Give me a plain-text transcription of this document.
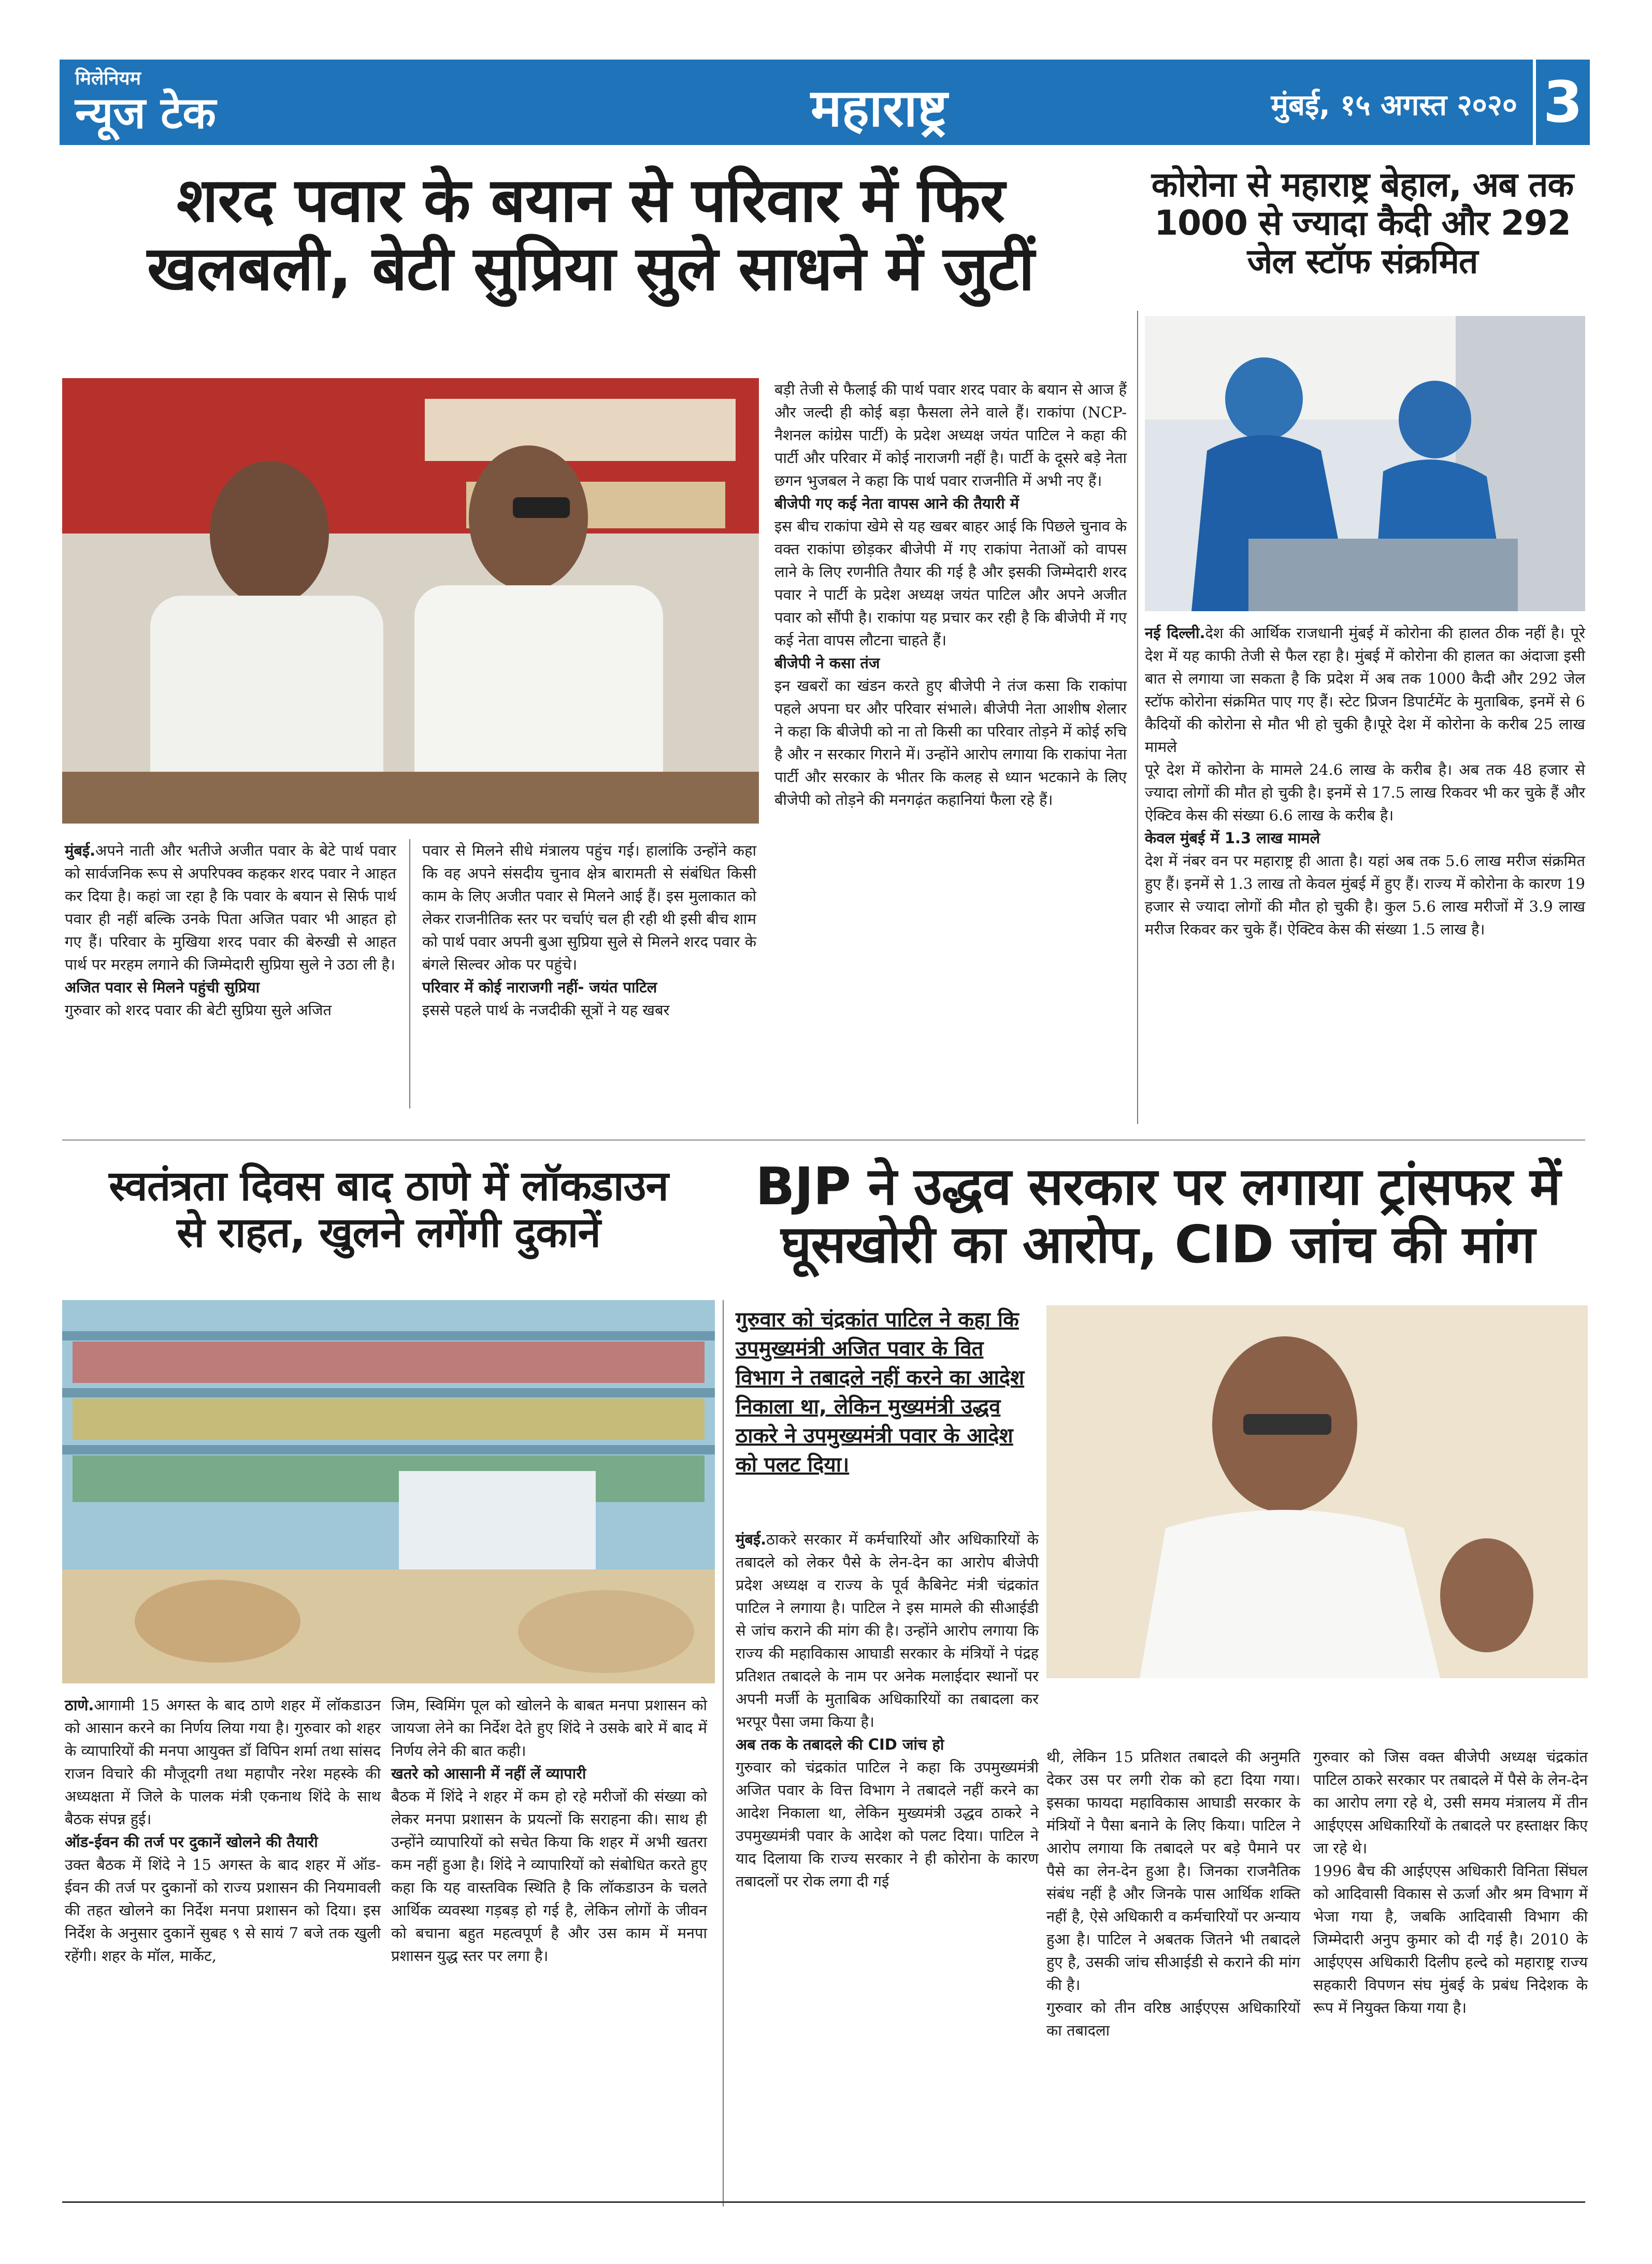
मिलेनियम
न्यूज टेक	महाराष्ट्र	मुंबई, १५ अगस्त २०२० 3
शरद पवार के बयान से परिवार में फिर
खलबली, बेटी सुप्रिया सुले साधने में जुटीं
कोरोना से महाराष्ट्र बेहाल, अब तक
1000 से ज्यादा कैदी और 292
जेल स्टॉफ संक्रमित

मुंबई.अपने नाती और भतीजे अजीत पवार के बेटे पार्थ पवार को सार्वजनिक रूप से अपरिपक्व कहकर शरद पवार ने आहत कर दिया है। कहां जा रहा है कि पवार के बयान से सिर्फ पार्थ पवार ही नहीं बल्कि उनके पिता अजित पवार भी आहत हो गए हैं। परिवार के मुखिया शरद पवार की बेरुखी से आहत पार्थ पर मरहम लगाने की जिम्मेदारी सुप्रिया सुले ने उठा ली है।

अजित पवार से मिलने पहुंची सुप्रिया

गुरुवार को शरद पवार की बेटी सुप्रिया सुले अजित

पवार से मिलने सीधे मंत्रालय पहुंच गई। हालांकि उन्होंने कहा कि वह अपने संसदीय चुनाव क्षेत्र बारामती से संबंधित किसी काम के लिए अजीत पवार से मिलने आई हैं। इस मुलाकात को लेकर राजनीतिक स्तर पर चर्चाएं चल ही रही थी इसी बीच शाम को पार्थ पवार अपनी बुआ सुप्रिया सुले से मिलने शरद पवार के बंगले सिल्वर ओक पर पहुंचे।

परिवार में कोई नाराजगी नहीं- जयंत पाटिल

इससे पहले पार्थ के नजदीकी सूत्रों ने यह खबर

बड़ी तेजी से फैलाई की पार्थ पवार शरद पवार के बयान से आज हैं और जल्दी ही कोई बड़ा फैसला लेने वाले हैं। राकांपा (NCP-नैशनल कांग्रेस पार्टी) के प्रदेश अध्यक्ष जयंत पाटिल ने कहा की पार्टी और परिवार में कोई नाराजगी नहीं है। पार्टी के दूसरे बड़े नेता छगन भुजबल ने कहा कि पार्थ पवार राजनीति में अभी नए हैं।

बीजेपी गए कई नेता वापस आने की तैयारी में

इस बीच राकांपा खेमे से यह खबर बाहर आई कि पिछले चुनाव के वक्त राकांपा छोड़कर बीजेपी में गए राकांपा नेताओं को वापस लाने के लिए रणनीति तैयार की गई है और इसकी जिम्मेदारी शरद पवार ने पार्टी के प्रदेश अध्यक्ष जयंत पाटिल और अपने अजीत पवार को सौंपी है। राकांपा यह प्रचार कर रही है कि बीजेपी में गए कई नेता वापस लौटना चाहते हैं।

बीजेपी ने कसा तंज

इन खबरों का खंडन करते हुए बीजेपी ने तंज कसा कि राकांपा पहले अपना घर और परिवार संभाले। बीजेपी नेता आशीष शेलार ने कहा कि बीजेपी को ना तो किसी का परिवार तोड़ने में कोई रुचि है और न सरकार गिराने में। उन्होंने आरोप लगाया कि राकांपा नेता पार्टी और सरकार के भीतर कि कलह से ध्यान भटकाने के लिए बीजेपी को तोड़ने की मनगढ़ंत कहानियां फैला रहे हैं।

नई दिल्ली.देश की आर्थिक राजधानी मुंबई में कोरोना की हालत ठीक नहीं है। पूरे देश में यह काफी तेजी से फैल रहा है। मुंबई में कोरोना की हालत का अंदाजा इसी बात से लगाया जा सकता है कि प्रदेश में अब तक 1000 कैदी और 292 जेल स्टॉफ कोरोना संक्रमित पाए गए हैं। स्टेट प्रिजन डिपार्टमेंट के मुताबिक, इनमें से 6 कैदियों की कोरोना से मौत भी हो चुकी है।पूरे देश में कोरोना के करीब 25 लाख मामले

पूरे देश में कोरोना के मामले 24.6 लाख के करीब है। अब तक 48 हजार से ज्यादा लोगों की मौत हो चुकी है। इनमें से 17.5 लाख रिकवर भी कर चुके हैं और ऐक्टिव केस की संख्या 6.6 लाख के करीब है।

केवल मुंबई में 1.3 लाख मामले

देश में नंबर वन पर महाराष्ट्र ही आता है। यहां अब तक 5.6 लाख मरीज संक्रमित हुए हैं। इनमें से 1.3 लाख तो केवल मुंबई में हुए हैं। राज्य में कोरोना के कारण 19 हजार से ज्यादा लोगों की मौत हो चुकी है। कुल 5.6 लाख मरीजों में 3.9 लाख मरीज रिकवर कर चुके हैं। ऐक्टिव केस की संख्या 1.5 लाख है।

स्वतंत्रता दिवस बाद ठाणे में लॉकडाउन
से राहत, खुलने लगेंगी दुकानें
BJP ने उद्धव सरकार पर लगाया ट्रांसफर में
घूसखोरी का आरोप, CID जांच की मांग

ठाणे.आगामी 15 अगस्त के बाद ठाणे शहर में लॉकडाउन को आसान करने का निर्णय लिया गया है। गुरुवार को शहर के व्यापारियों की मनपा आयुक्त डॉ विपिन शर्मा तथा सांसद राजन विचारे की मौजूदगी तथा महापौर नरेश महस्के की अध्यक्षता में जिले के पालक मंत्री एकनाथ शिंदे के साथ बैठक संपन्न हुई।

ऑड-ईवन की तर्ज पर दुकानें खोलने की तैयारी

उक्त बैठक में शिंदे ने 15 अगस्त के बाद शहर में ऑड-ईवन की तर्ज पर दुकानों को राज्य प्रशासन की नियमावली की तहत खोलने का निर्देश मनपा प्रशासन को दिया। इस निर्देश के अनुसार दुकानें सुबह ९ से सायं 7 बजे तक खुली रहेंगी। शहर के मॉल, मार्केट,

जिम, स्विमिंग पूल को खोलने के बाबत मनपा प्रशासन को जायजा लेने का निर्देश देते हुए शिंदे ने उसके बारे में बाद में निर्णय लेने की बात कही।

खतरे को आसानी में नहीं लें व्यापारी

बैठक में शिंदे ने शहर में कम हो रहे मरीजों की संख्या को लेकर मनपा प्रशासन के प्रयत्नों कि सराहना की। साथ ही उन्होंने व्यापारियों को सचेत किया कि शहर में अभी खतरा कम नहीं हुआ है। शिंदे ने व्यापारियों को संबोधित करते हुए कहा कि यह वास्तविक स्थिति है कि लॉकडाउन के चलते आर्थिक व्यवस्था गड़बड़ हो गई है, लेकिन लोगों के जीवन को बचाना बहुत महत्वपूर्ण है और उस काम में मनपा प्रशासन युद्ध स्तर पर लगा है।

गुरुवार को चंद्रकांत पाटिल ने कहा कि उपमुख्यमंत्री अजित पवार के वित विभाग ने तबादले नहीं करने का आदेश निकाला था, लेकिन मुख्यमंत्री उद्धव ठाकरे ने उपमुख्यमंत्री पवार के आदेश को पलट दिया।

मुंबई.ठाकरे सरकार में कर्मचारियों और अधिकारियों के तबादले को लेकर पैसे के लेन-देन का आरोप बीजेपी प्रदेश अध्यक्ष व राज्य के पूर्व कैबिनेट मंत्री चंद्रकांत पाटिल ने लगाया है। पाटिल ने इस मामले की सीआईडी से जांच कराने की मांग की है। उन्होंने आरोप लगाया कि राज्य की महाविकास आघाडी सरकार के मंत्रियों ने पंद्रह प्रतिशत तबादले के नाम पर अनेक मलाईदार स्थानों पर अपनी मर्जी के मुताबिक अधिकारियों का तबादला कर भरपूर पैसा जमा किया है।

अब तक के तबादले की CID जांच हो

गुरुवार को चंद्रकांत पाटिल ने कहा कि उपमुख्यमंत्री अजित पवार के वित्त विभाग ने तबादले नहीं करने का आदेश निकाला था, लेकिन मुख्यमंत्री उद्धव ठाकरे ने उपमुख्यमंत्री पवार के आदेश को पलट दिया। पाटिल ने याद दिलाया कि राज्य सरकार ने ही कोरोना के कारण तबादलों पर रोक लगा दी गई

थी, लेकिन 15 प्रतिशत तबादले की अनुमति देकर उस पर लगी रोक को हटा दिया गया। इसका फायदा महाविकास आघाडी सरकार के मंत्रियों ने पैसा बनाने के लिए किया। पाटिल ने आरोप लगाया कि तबादले पर बड़े पैमाने पर पैसे का लेन-देन हुआ है। जिनका राजनैतिक संबंध नहीं है और जिनके पास आर्थिक शक्ति नहीं है, ऐसे अधिकारी व कर्मचारियों पर अन्याय हुआ है। पाटिल ने अबतक जितने भी तबादले हुए है, उसकी जांच सीआईडी से कराने की मांग की है।

गुरुवार को तीन वरिष्ठ आईएएस अधिकारियों का तबादला

गुरुवार को जिस वक्त बीजेपी अध्यक्ष चंद्रकांत पाटिल ठाकरे सरकार पर तबादले में पैसे के लेन-देन का आरोप लगा रहे थे, उसी समय मंत्रालय में तीन आईएएस अधिकारियों के तबादले पर हस्ताक्षर किए जा रहे थे।

1996 बैच की आईएएस अधिकारी विनिता सिंघल को आदिवासी विकास से ऊर्जा और श्रम विभाग में भेजा गया है, जबकि आदिवासी विभाग की जिम्मेदारी अनुप कुमार को दी गई है। 2010 के आईएएस अधिकारी दिलीप हल्दे को महाराष्ट्र राज्य सहकारी विपणन संघ मुंबई के प्रबंध निदेशक के रूप में नियुक्त किया गया है।
